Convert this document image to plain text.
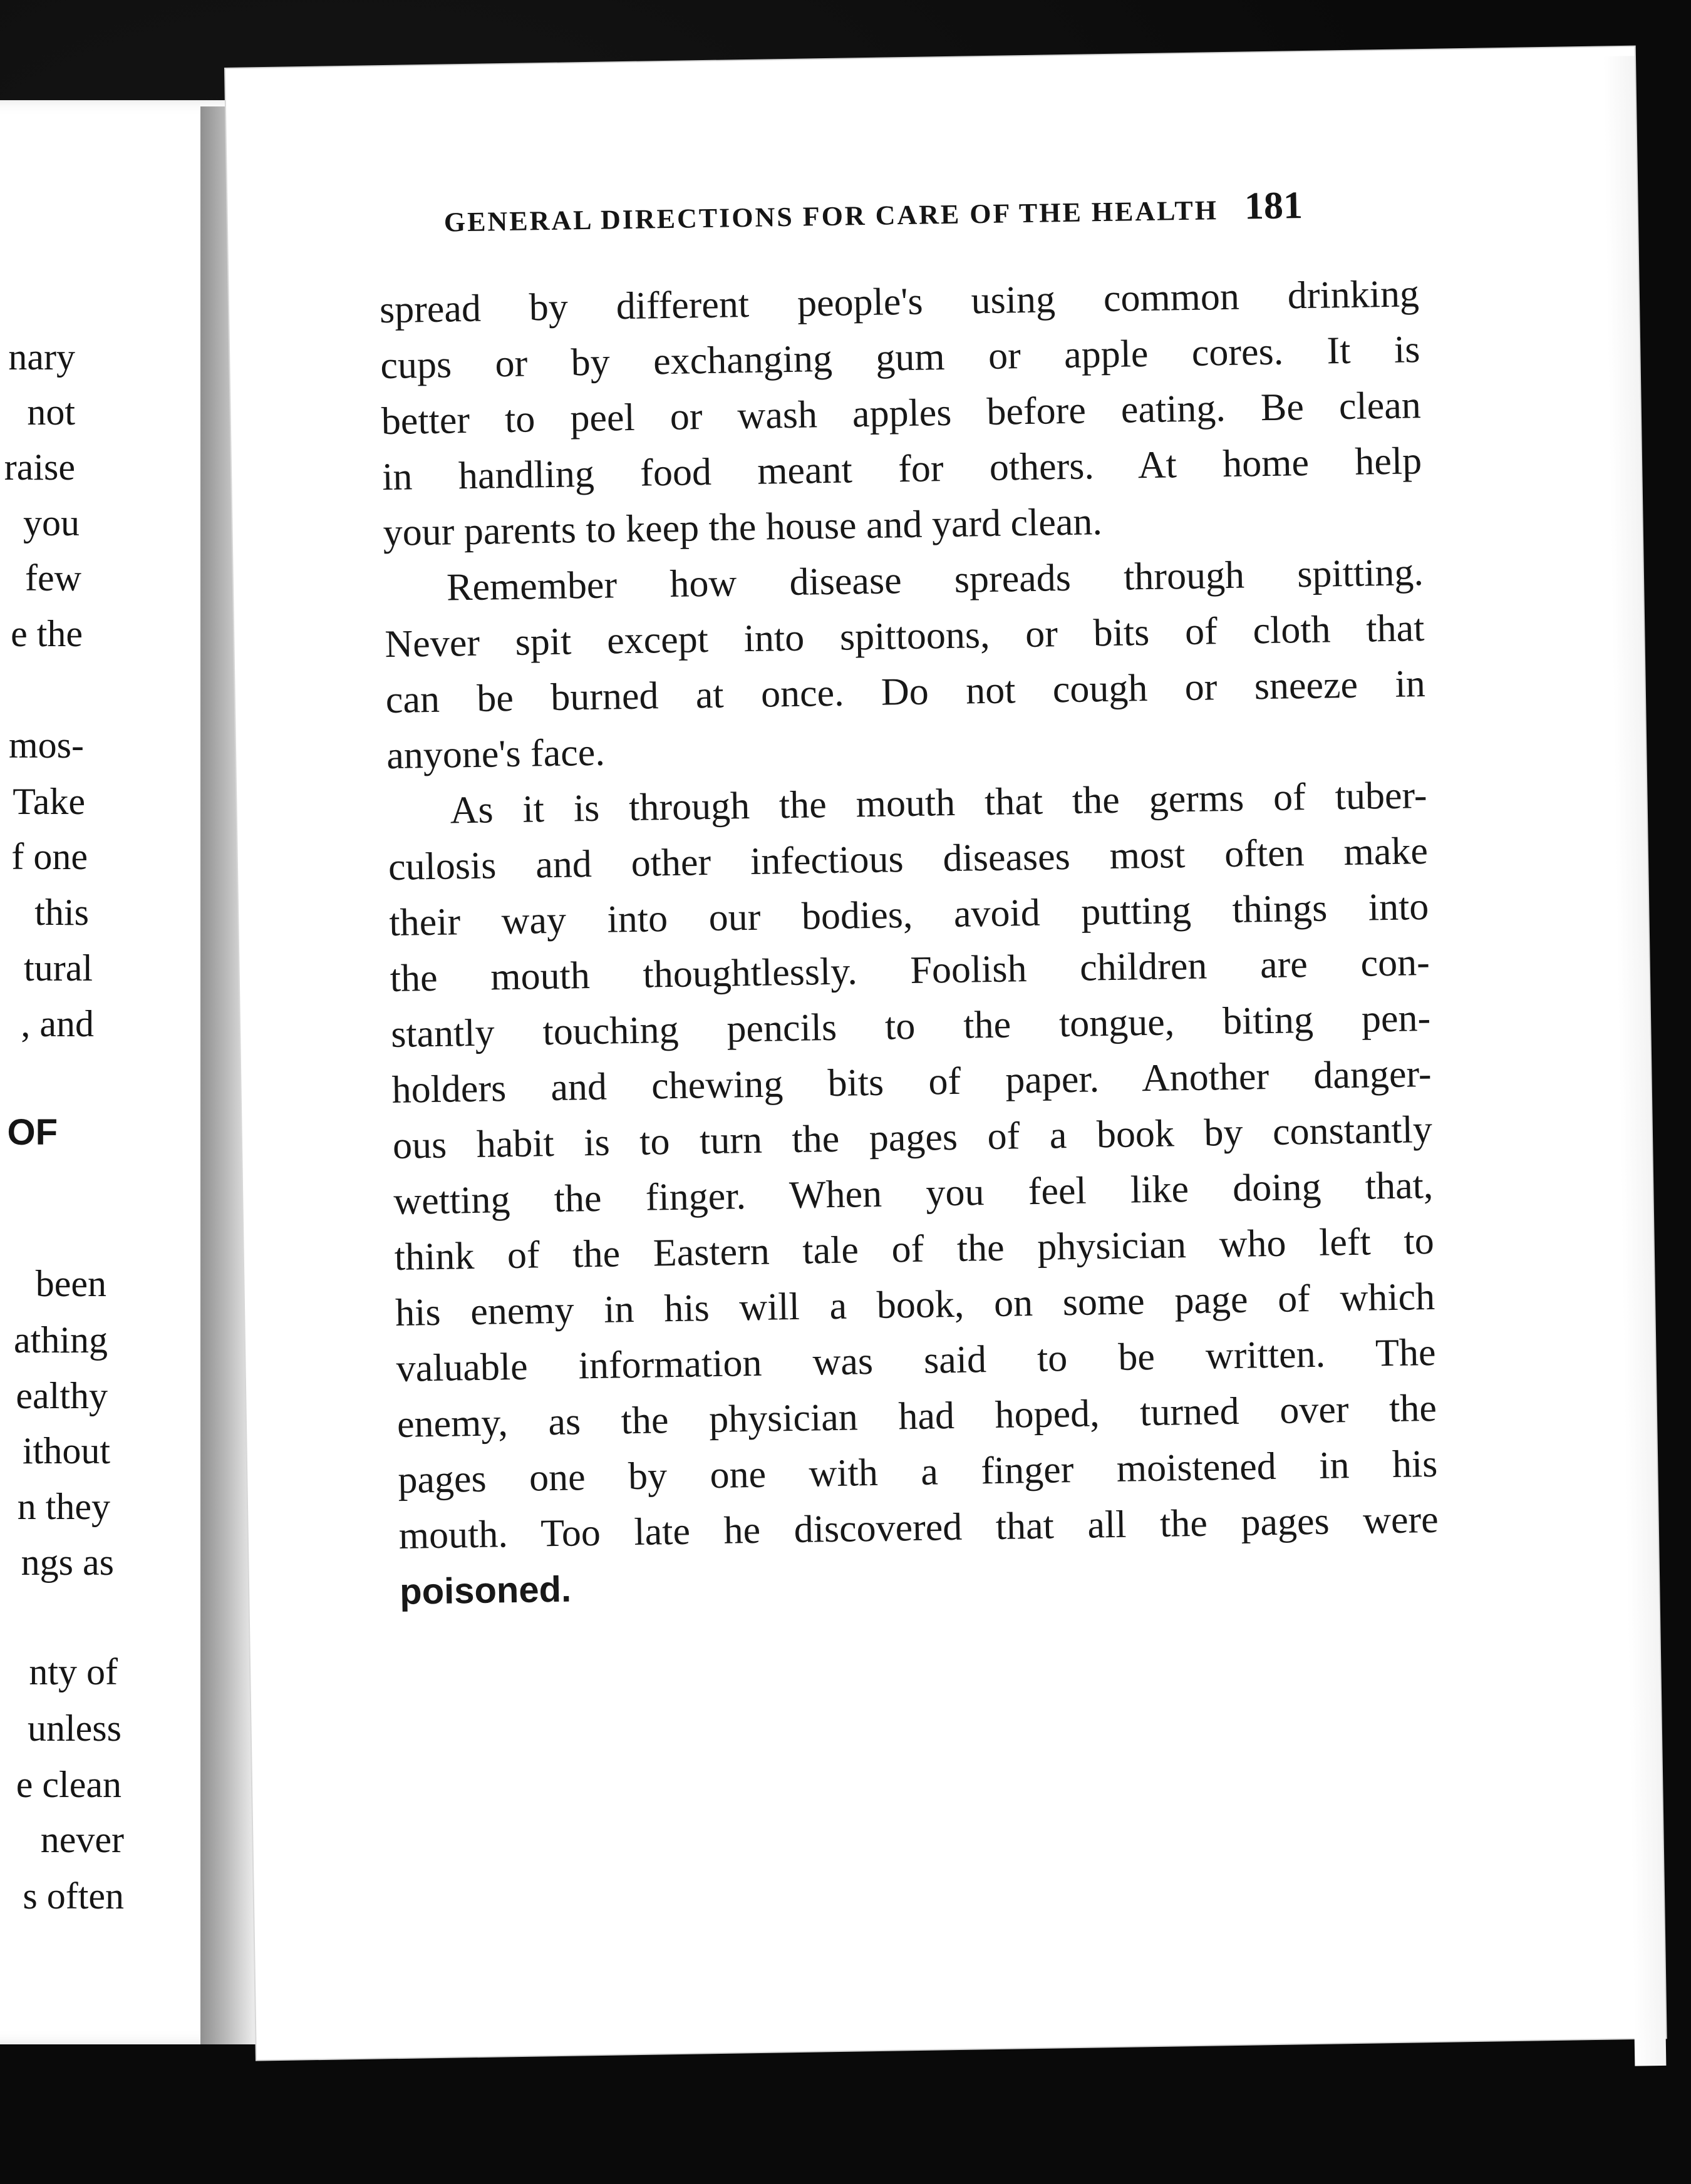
nary
not
raise
you
few
e the
mos-
Take
f one
this
tural
, and
OF
been
athing
ealthy
ithout
n they
ngs as
nty of
unless
e clean
never
s often
GENERAL DIRECTIONS FOR CARE OF THE HEALTH 181
spread by different people's using common drinking
cups or by exchanging gum or apple cores. It is
better to peel or wash apples before eating. Be clean
in handling food meant for others. At home help
your parents to keep the house and yard clean.
Remember how disease spreads through spitting.
Never spit except into spittoons, or bits of cloth that
can be burned at once. Do not cough or sneeze in
anyone's face.
As it is through the mouth that the germs of tuber-
culosis and other infectious diseases most often make
their way into our bodies, avoid putting things into
the mouth thoughtlessly. Foolish children are con-
stantly touching pencils to the tongue, biting pen-
holders and chewing bits of paper. Another danger-
ous habit is to turn the pages of a book by constantly
wetting the finger. When you feel like doing that,
think of the Eastern tale of the physician who left to
his enemy in his will a book, on some page of which
valuable information was said to be written. The
enemy, as the physician had hoped, turned over the
pages one by one with a finger moistened in his
mouth. Too late he discovered that all the pages were
poisoned.
